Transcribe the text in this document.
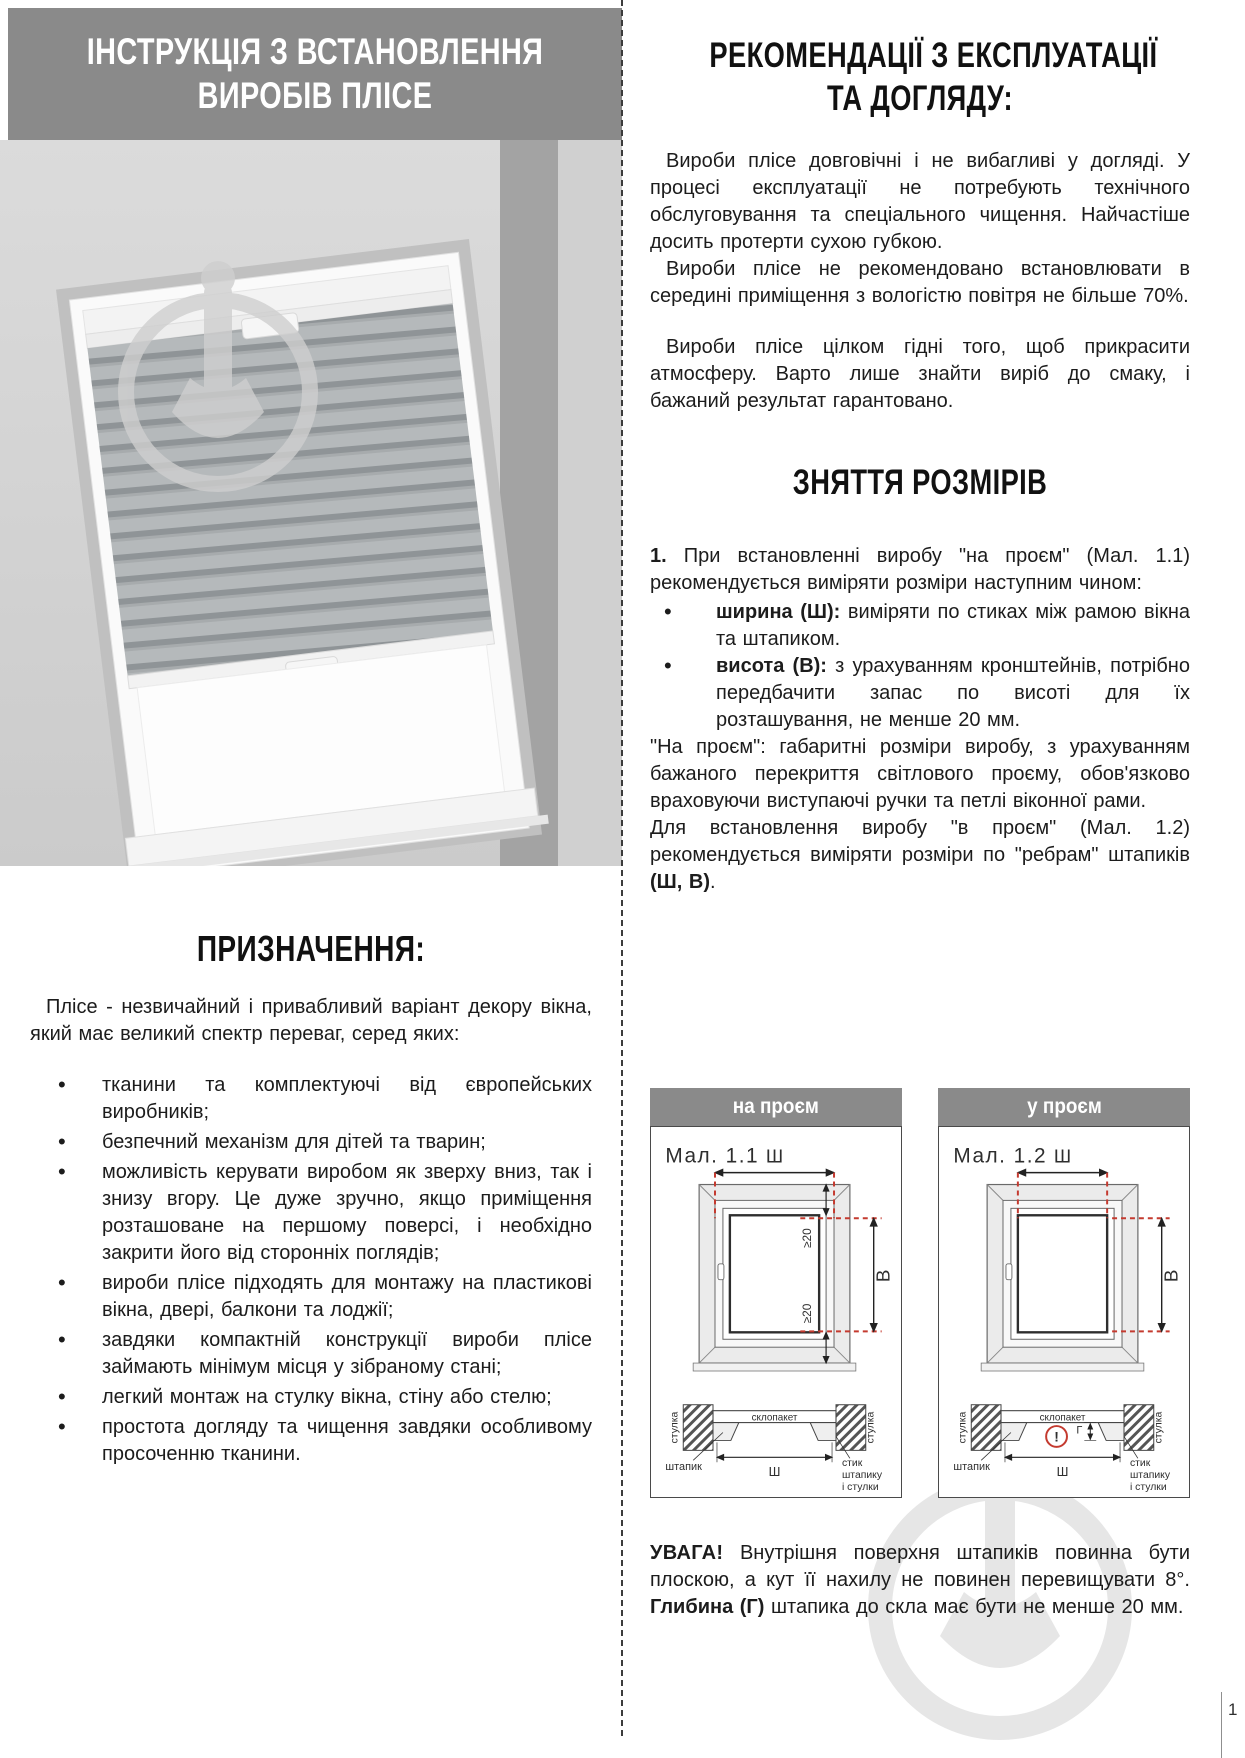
ІНСТРУКЦІЯ З ВСТАНОВЛЕННЯ
ВИРОБІВ ПЛІСЕ
ПРИЗНАЧЕННЯ:

Плісе - незвичайний і привабливий варіант декору вікна, який має великий спектр переваг, серед яких:

• тканини та комплектуючі від європейських виробників;
• безпечний механізм для дітей та тварин;
• можливість керувати виробом як зверху вниз, так і знизу вгору. Це дуже зручно, якщо приміщення розташоване на першому поверсі, і необхідно закрити його від сторонніх поглядів;
• вироби плісе підходять для монтажу на пластикові вікна, двері, балкони та лоджії;
• завдяки компактній конструкції вироби плісе займають мінімум місця у зібраному стані;
• легкий монтаж на стулку вікна, стіну або стелю;
• простота догляду та чищення завдяки особливому просоченню тканини.
РЕКОМЕНДАЦІЇ З ЕКСПЛУАТАЦІЇ
ТА ДОГЛЯДУ:

Вироби плісе довговічні і не вибагливі у догляді. У процесі експлуатації не потребують технічного обслуговування та спеціального чищення. Найчастіше досить протерти сухою губкою.

Вироби плісе не рекомендовано встановлювати в середині приміщення з вологістю повітря не більше 70%.

Вироби плісе цілком гідні того, щоб прикрасити атмосферу. Варто лише знайти виріб до смаку, і бажаний результат гарантовано.

ЗНЯТТЯ РОЗМІРІВ

1. При встановленні виробу "на проєм" (Мал. 1.1) рекомендується виміряти розміри наступним чином:

• ширина (Ш): виміряти по стиках між рамою вікна та штапиком.
• висота (В): з урахуванням кронштейнів, потрібно передбачити запас по висоті для їх розташування, не менше 20 мм.

"На проєм": габаритні розміри виробу, з урахуванням бажаного перекриття світлового проєму, обов'язково враховуючи виступаючі ручки та петлі віконної рами.

Для встановлення виробу "в проєм" (Мал. 1.2) рекомендується виміряти розміри по "ребрам" штапиків (Ш, В).

на проєм
Мал. 1.1 Ш
≥20
≥20
В
стулка	стулка
склопакет
Ш
штапик	стик
штапику
і стулки
у проєм
Мал. 1.2 Ш
В
стулка	стулка
склопакет
! Г
Ш
штапик	стик
штапику
і стулки
УВАГА! Внутрішня поверхня штапиків повинна бути плоскою, а кут її нахилу не повинен перевищувати 8°. Глибина (Г) штапика до скла має бути не менше 20 мм.
1
